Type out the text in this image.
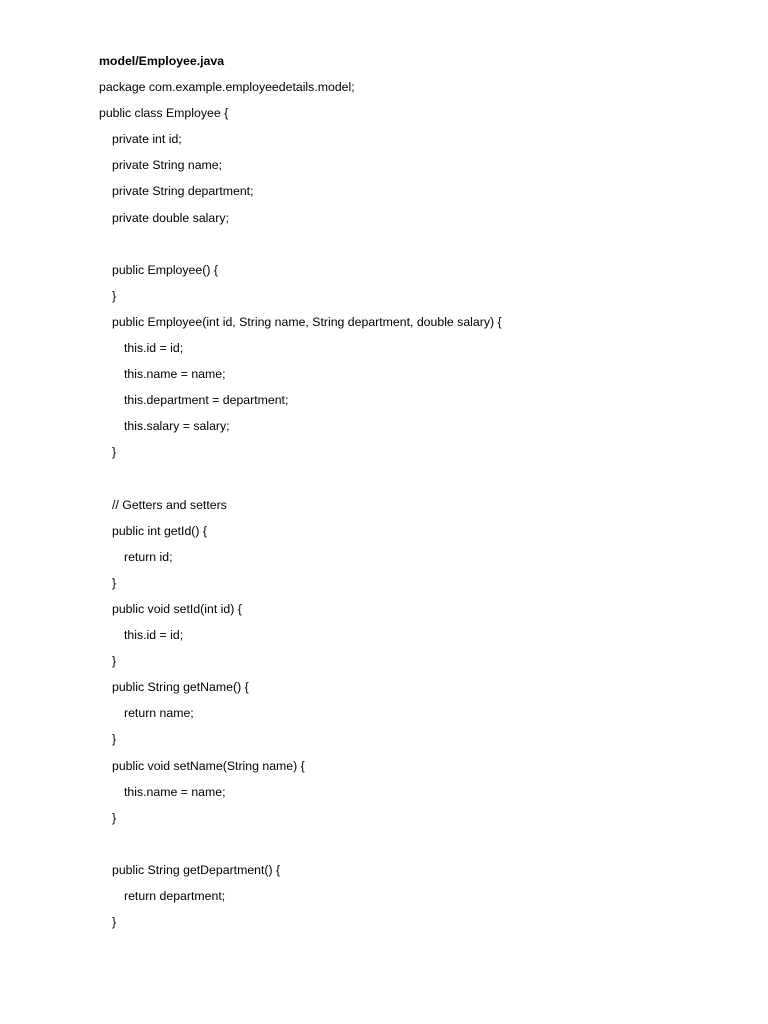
model/Employee.java
package com.example.employeedetails.model;
public class Employee {
private int id;
private String name;
private String department;
private double salary;
public Employee() {
}
public Employee(int id, String name, String department, double salary) {
this.id = id;
this.name = name;
this.department = department;
this.salary = salary;
}
// Getters and setters
public int getId() {
return id;
}
public void setId(int id) {
this.id = id;
}
public String getName() {
return name;
}
public void setName(String name) {
this.name = name;
}
public String getDepartment() {
return department;
}
